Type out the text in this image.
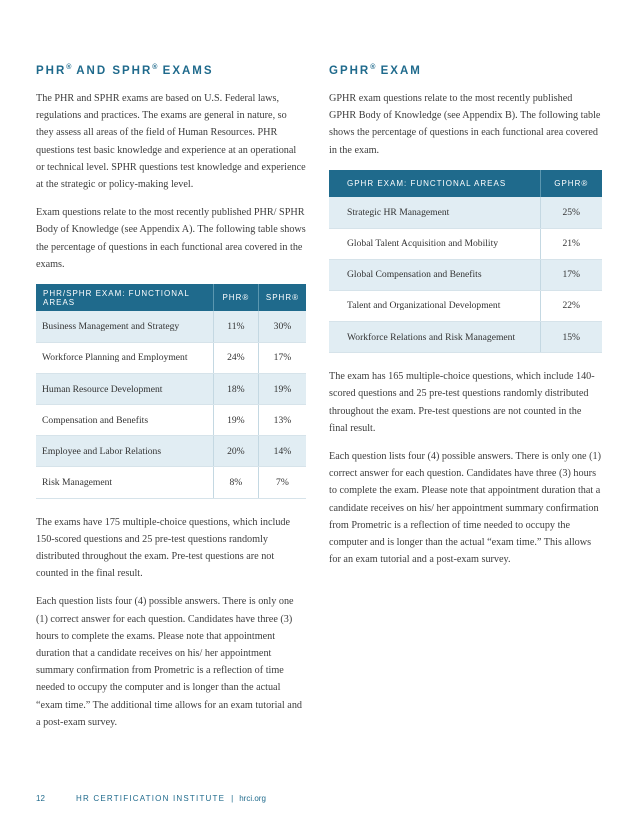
PHR® AND SPHR® EXAMS

The PHR and SPHR exams are based on U.S. Federal laws, regulations and practices. The exams are general in nature, so they assess all areas of the field of Human Resources. PHR questions test basic knowledge and experience at an operational or technical level. SPHR questions test knowledge and experience at the strategic or policy-making level.

Exam questions relate to the most recently published PHR/ SPHR Body of Knowledge (see Appendix A). The following table shows the percentage of questions in each functional area covered in the exams.

PHR/SPHR EXAM: FUNCTIONAL AREAS	PHR®	SPHR®
Business Management and Strategy	11%	30%
Workforce Planning and Employment	24%	17%
Human Resource Development	18%	19%
Compensation and Benefits	19%	13%
Employee and Labor Relations	20%	14%
Risk Management	8%	7%

The exams have 175 multiple-choice questions, which include 150-scored questions and 25 pre-test questions randomly distributed throughout the exam. Pre-test questions are not counted in the final result.

Each question lists four (4) possible answers. There is only one (1) correct answer for each question. Candidates have three (3) hours to complete the exams. Please note that appointment duration that a candidate receives on his/ her appointment summary confirmation from Prometric is a reflection of time needed to occupy the computer and is longer than the actual “exam time.” The additional time allows for an exam tutorial and a post-exam survey.

GPHR® EXAM

GPHR exam questions relate to the most recently published GPHR Body of Knowledge (see Appendix B). The following table shows the percentage of questions in each functional area covered in the exam.

GPHR EXAM: FUNCTIONAL AREAS	GPHR®
Strategic HR Management	25%
Global Talent Acquisition and Mobility	21%
Global Compensation and Benefits	17%
Talent and Organizational Development	22%
Workforce Relations and Risk Management	15%

The exam has 165 multiple-choice questions, which include 140-scored questions and 25 pre-test questions randomly distributed throughout the exam. Pre-test questions are not counted in the final result.

Each question lists four (4) possible answers. There is only one (1) correct answer for each question. Candidates have three (3) hours to complete the exam. Please note that appointment duration that a candidate receives on his/ her appointment summary confirmation from Prometric is a reflection of time needed to occupy the computer and is longer than the actual “exam time.” This allows for an exam tutorial and a post-exam survey.

12	HR CERTIFICATION INSTITUTE | hrci.org
